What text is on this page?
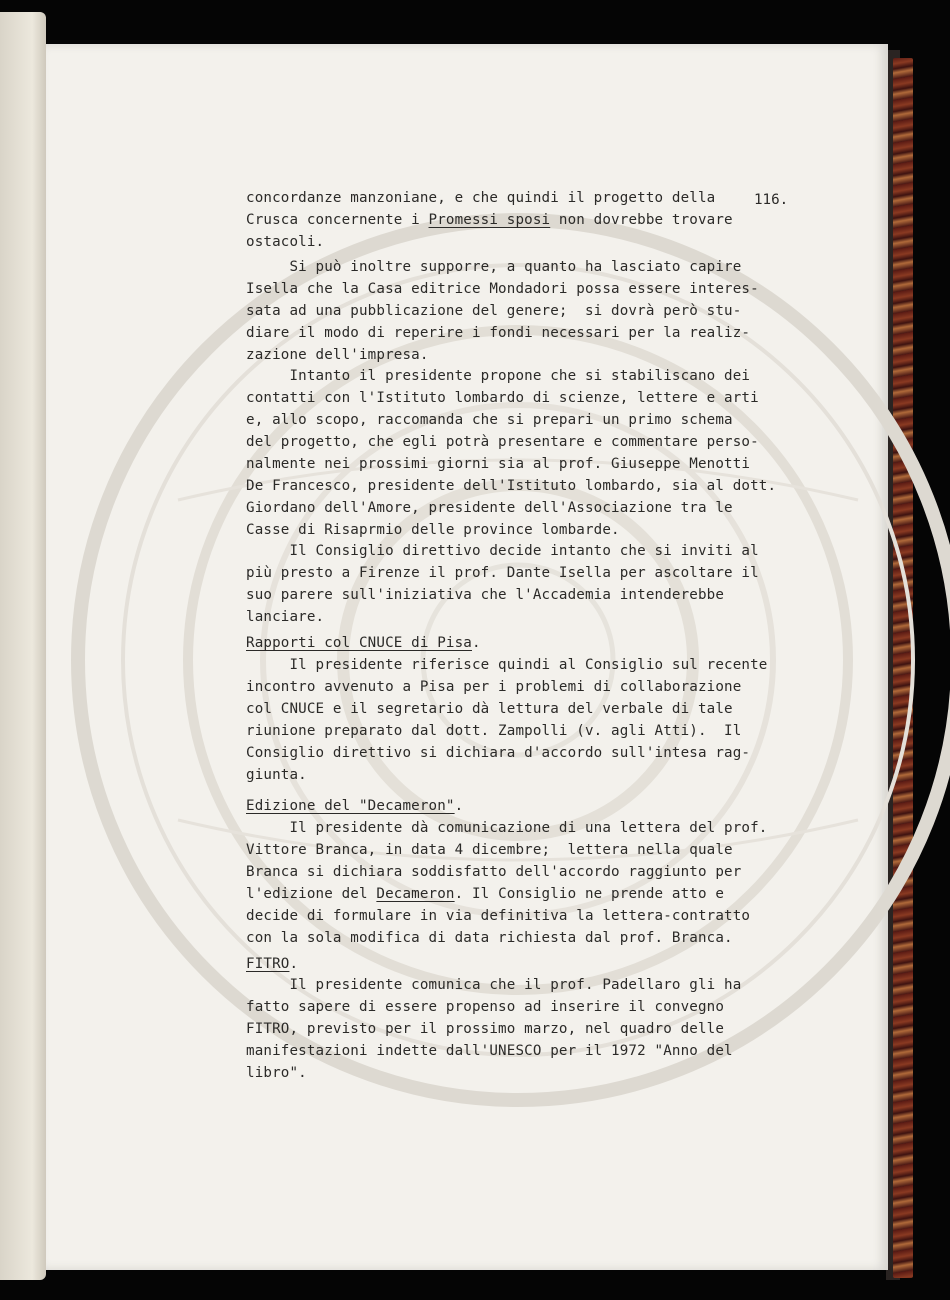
116.
concordanze manzoniane, e che quindi il progetto della
Crusca concernente i Promessi sposi non dovrebbe trovare
ostacoli.
Si può inoltre supporre, a quanto ha lasciato capire
Isella che la Casa editrice Mondadori possa essere interes-
sata ad una pubblicazione del genere;  si dovrà però stu-
diare il modo di reperire i fondi necessari per la realiz-
zazione dell'impresa.
Intanto il presidente propone che si stabiliscano dei
contatti con l'Istituto lombardo di scienze, lettere e arti
e, allo scopo, raccomanda che si prepari un primo schema
del progetto, che egli potrà presentare e commentare perso-
nalmente nei prossimi giorni sia al prof. Giuseppe Menotti
De Francesco, presidente dell'Istituto lombardo, sia al dott.
Giordano dell'Amore, presidente dell'Associazione tra le
Casse di Risaprmio delle province lombarde.
Il Consiglio direttivo decide intanto che si inviti al
più presto a Firenze il prof. Dante Isella per ascoltare il
suo parere sull'iniziativa che l'Accademia intenderebbe
lanciare.
Rapporti col CNUCE di Pisa.
Il presidente riferisce quindi al Consiglio sul recente
incontro avvenuto a Pisa per i problemi di collaborazione
col CNUCE e il segretario dà lettura del verbale di tale
riunione preparato dal dott. Zampolli (v. agli Atti).  Il
Consiglio direttivo si dichiara d'accordo sull'intesa rag-
giunta.
Edizione del "Decameron".
Il presidente dà comunicazione di una lettera del prof.
Vittore Branca, in data 4 dicembre;  lettera nella quale
Branca si dichiara soddisfatto dell'accordo raggiunto per
l'edizione del Decameron. Il Consiglio ne prende atto e
decide di formulare in via definitiva la lettera-contratto
con la sola modifica di data richiesta dal prof. Branca.
FITRO.
Il presidente comunica che il prof. Padellaro gli ha
fatto sapere di essere propenso ad inserire il convegno
FITRO, previsto per il prossimo marzo, nel quadro delle
manifestazioni indette dall'UNESCO per il 1972 "Anno del
libro".
